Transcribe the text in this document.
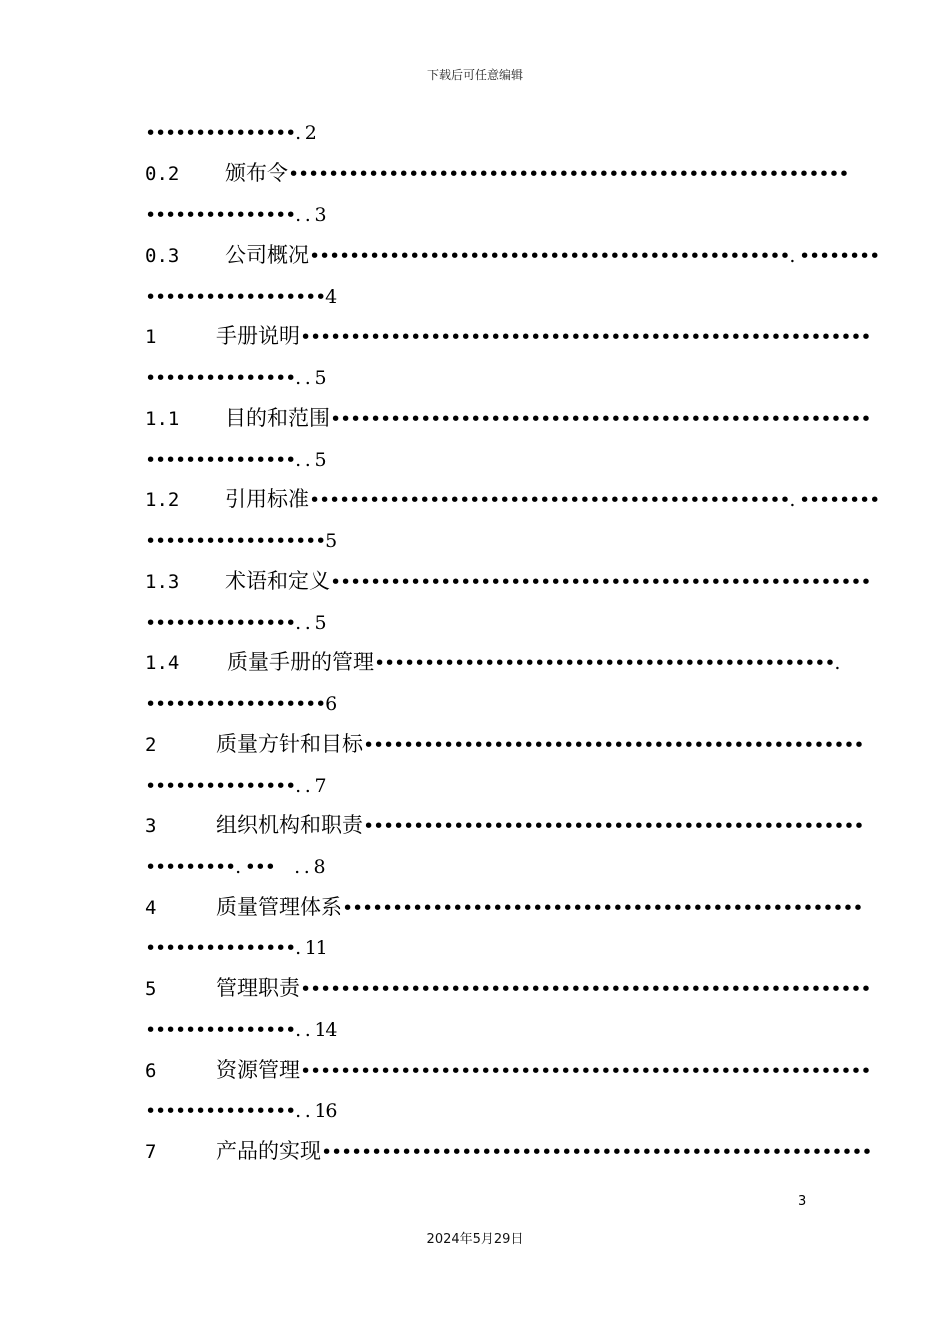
下载后可任意编辑
•••••••••••••••. 2
0.2 颁布令••••••••••••••••••••••••••••••••••••••••••••••••••••••••
•••••••••••••••. . 3
0.3 公司概况••••••••••••••••••••••••••••••••••••••••••••••••. ••••••••
••••••••••••••••••4
1	手册说明•••••••••••••••••••••••••••••••••••••••••••••••••••••••••
•••••••••••••••. . 5
1.1 目的和范围••••••••••••••••••••••••••••••••••••••••••••••••••••••
•••••••••••••••. . 5
1.2 引用标准••••••••••••••••••••••••••••••••••••••••••••••••. ••••••••
••••••••••••••••••5
1.3 术语和定义••••••••••••••••••••••••••••••••••••••••••••••••••••••
•••••••••••••••. . 5
1.4 质量手册的管理••••••••••••••••••••••••••••••••••••••••••••••.
••••••••••••••••••6
2	质量方针和目标••••••••••••••••••••••••••••••••••••••••••••••••••
•••••••••••••••. . 7
3	组织机构和职责••••••••••••••••••••••••••••••••••••••••••••••••••
•••••••••. •••    . . 8
4	质量管理体系••••••••••••••••••••••••••••••••••••••••••••••••••••
•••••••••••••••. 11
5	管理职责•••••••••••••••••••••••••••••••••••••••••••••••••••••••••
•••••••••••••••. . 14
6	资源管理•••••••••••••••••••••••••••••••••••••••••••••••••••••••••
•••••••••••••••. . 16
7	产品的实现•••••••••••••••••••••••••••••••••••••••••••••••••••••••
3
2024年5月29日
